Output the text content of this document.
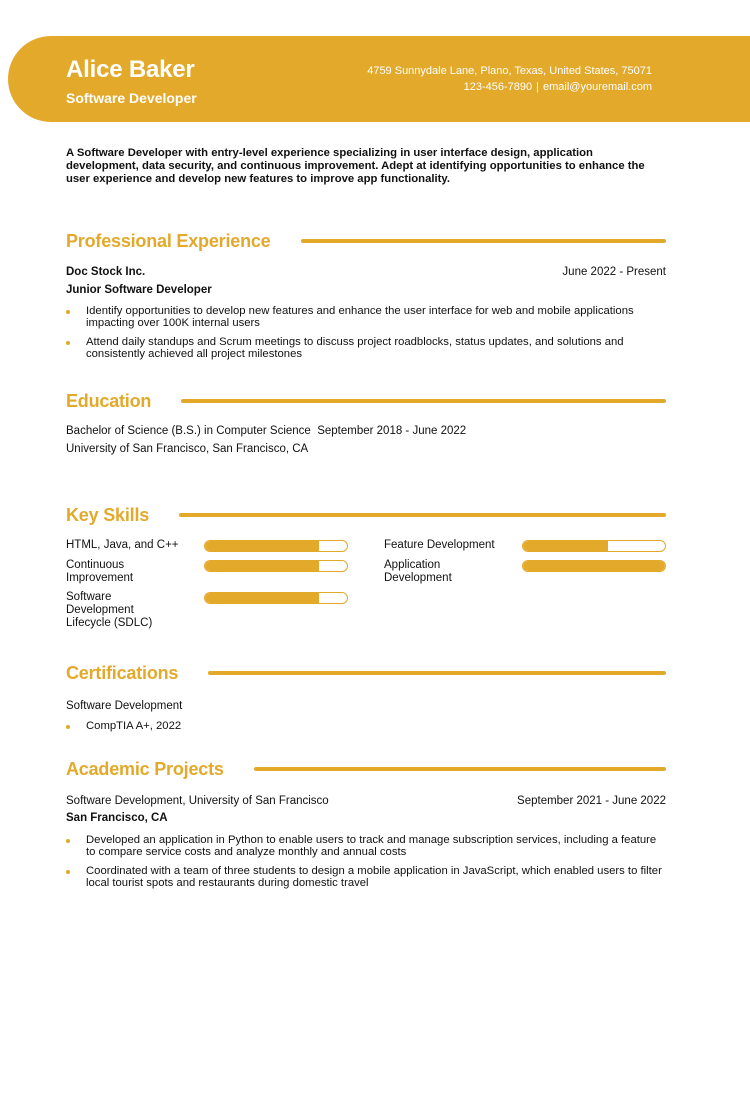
Alice Baker
Software Developer
4759 Sunnydale Lane, Plano, Texas, United States, 75071
123-456-7890 | email@youremail.com
A Software Developer with entry-level experience specializing in user interface design, application development, data security, and continuous improvement. Adept at identifying opportunities to enhance the user experience and develop new features to improve app functionality.
Professional Experience
Doc Stock Inc.	June 2022 - Present
Junior Software Developer
Identify opportunities to develop new features and enhance the user interface for web and mobile applications impacting over 100K internal users
Attend daily standups and Scrum meetings to discuss project roadblocks, status updates, and solutions and consistently achieved all project milestones
Education
Bachelor of Science (B.S.) in Computer Science  September 2018 - June 2022
University of San Francisco, San Francisco, CA
Key Skills
HTML, Java, and C++
Continuous Improvement
Software Development Lifecycle (SDLC)
Feature Development
Application Development
Certifications
Software Development
CompTIA A+, 2022
Academic Projects
Software Development, University of San Francisco	September 2021 - June 2022
San Francisco, CA
Developed an application in Python to enable users to track and manage subscription services, including a feature to compare service costs and analyze monthly and annual costs
Coordinated with a team of three students to design a mobile application in JavaScript, which enabled users to filter local tourist spots and restaurants during domestic travel
